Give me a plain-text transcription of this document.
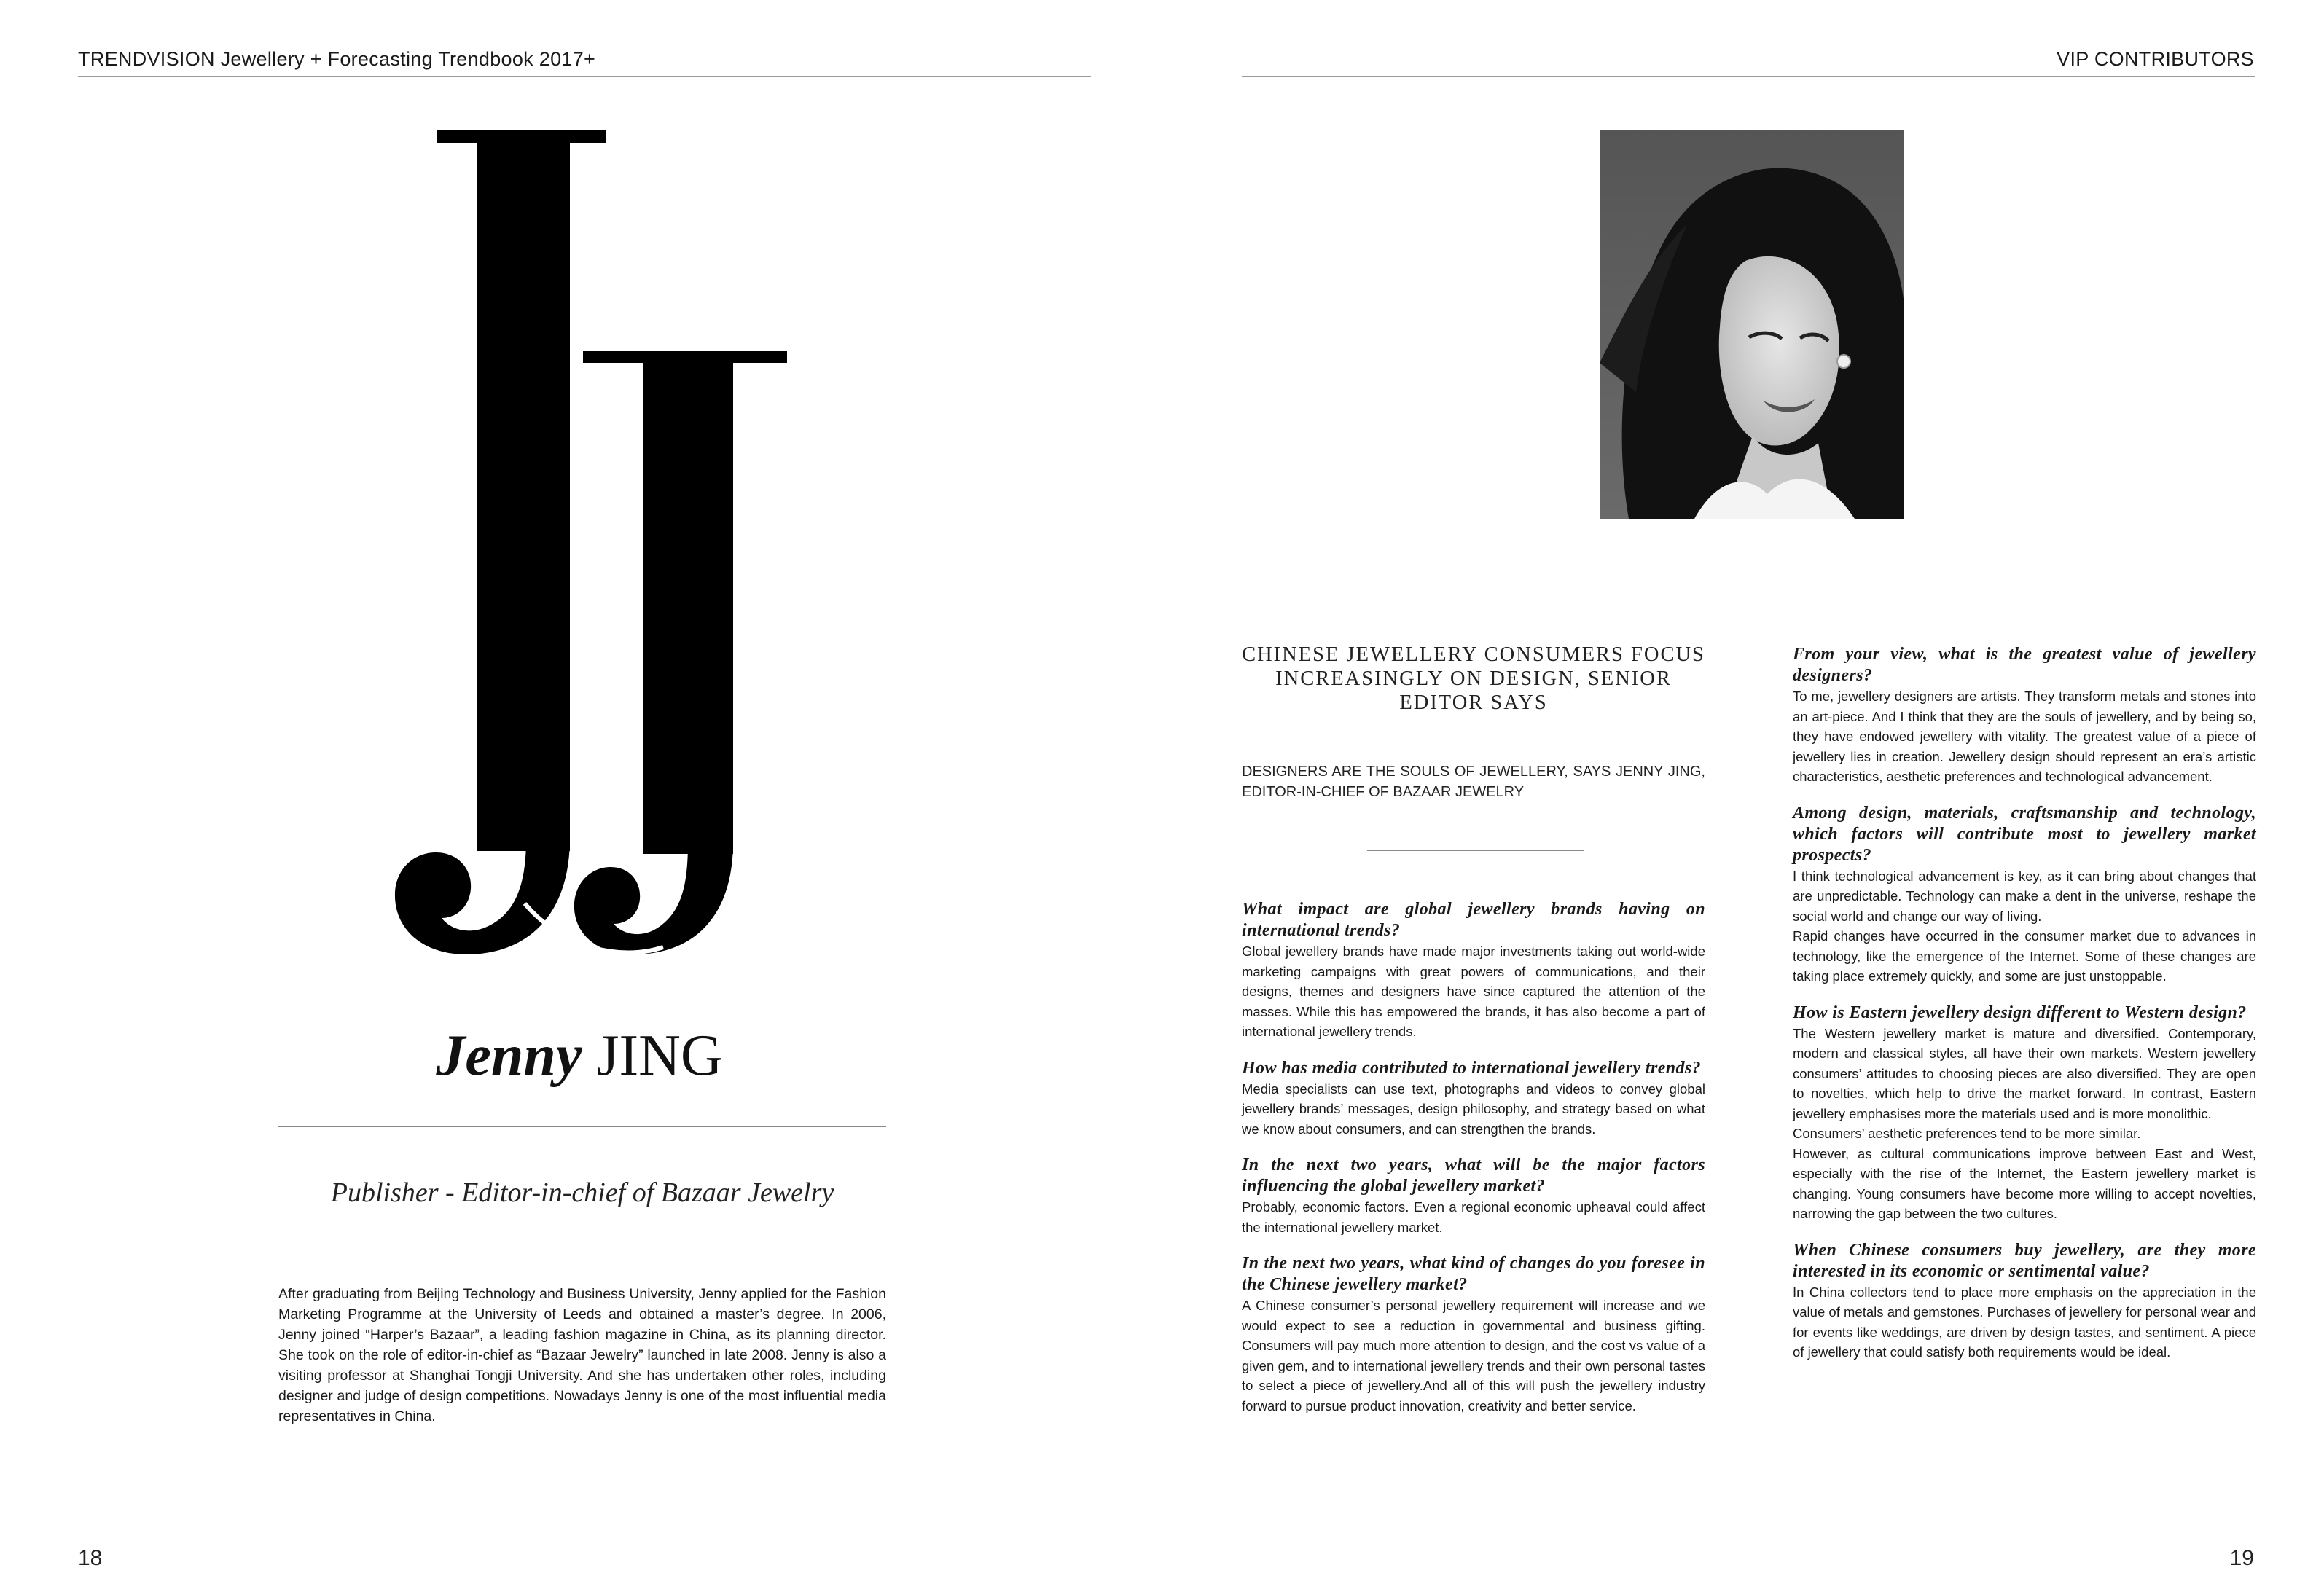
TRENDVISION Jewellery + Forecasting Trendbook 2017+
Jenny JING
Publisher - Editor-in-chief of Bazaar Jewelry
After graduating from Beijing Technology and Business University, Jenny applied for the Fashion Marketing Programme at the University of Leeds and obtained a master’s degree. In 2006, Jenny joined “Harper’s Bazaar”, a leading fashion magazine in China, as its planning director. She took on the role of editor-in-chief as “Bazaar Jewelry” launched in late 2008. Jenny is also a visiting professor at Shanghai Tongji University. And she has undertaken other roles, including designer and judge of design competitions. Nowadays Jenny is one of the most influential media representatives in China.
18
VIP CONTRIBUTORS
CHINESE JEWELLERY CONSUMERS FOCUS INCREASINGLY ON DESIGN, SENIOR EDITOR SAYS
DESIGNERS ARE THE SOULS OF JEWELLERY, SAYS JENNY JING, EDITOR-IN-CHIEF OF BAZAAR JEWELRY

What impact are global jewellery brands having on international trends?

Global jewellery brands have made major investments taking out world-wide marketing campaigns with great powers of communications, and their designs, themes and designers have since captured the attention of the masses. While this has empowered the brands, it has also become a part of international jewellery trends.

How has media contributed to international jewellery trends?

Media specialists can use text, photographs and videos to convey global jewellery brands’ messages, design philosophy, and strategy based on what we know about consumers, and can strengthen the brands.

In the next two years, what will be the major factors influencing the global jewellery market?

Probably, economic factors. Even a regional economic upheaval could affect the international jewellery market.

In the next two years, what kind of changes do you foresee in the Chinese jewellery market?

A Chinese consumer’s personal jewellery requirement will increase and we would expect to see a reduction in governmental and business gifting. Consumers will pay much more attention to design, and the cost vs value of a given gem, and to international jewellery trends and their own personal tastes to select a piece of jewellery.And all of this will push the jewellery industry forward to pursue product innovation, creativity and better service.

From your view, what is the greatest value of jewellery designers?

To me, jewellery designers are artists. They transform metals and stones into an art-piece. And I think that they are the souls of jewellery, and by being so, they have endowed jewellery with vitality. The greatest value of a piece of jewellery lies in creation. Jewellery design should represent an era’s artistic characteristics, aesthetic preferences and technological advancement.

Among design, materials, craftsmanship and technology, which factors will contribute most to jewellery market prospects?

I think technological advancement is key, as it can bring about changes that are unpredictable. Technology can make a dent in the universe, reshape the social world and change our way of living.

Rapid changes have occurred in the consumer market due to advances in technology, like the emergence of the Internet. Some of these changes are taking place extremely quickly, and some are just unstoppable.

How is Eastern jewellery design different to Western design?

The Western jewellery market is mature and diversified. Contemporary, modern and classical styles, all have their own markets. Western jewellery consumers’ attitudes to choosing pieces are also diversified. They are open to novelties, which help to drive the market forward. In contrast, Eastern jewellery emphasises more the materials used and is more monolithic.

Consumers’ aesthetic preferences tend to be more similar.

However, as cultural communications improve between East and West, especially with the rise of the Internet, the Eastern jewellery market is changing. Young consumers have become more willing to accept novelties, narrowing the gap between the two cultures.

When Chinese consumers buy jewellery, are they more interested in its economic or sentimental value?

In China collectors tend to place more emphasis on the appreciation in the value of metals and gemstones. Purchases of jewellery for personal wear and for events like weddings, are driven by design tastes, and sentiment. A piece of jewellery that could satisfy both requirements would be ideal.

19
